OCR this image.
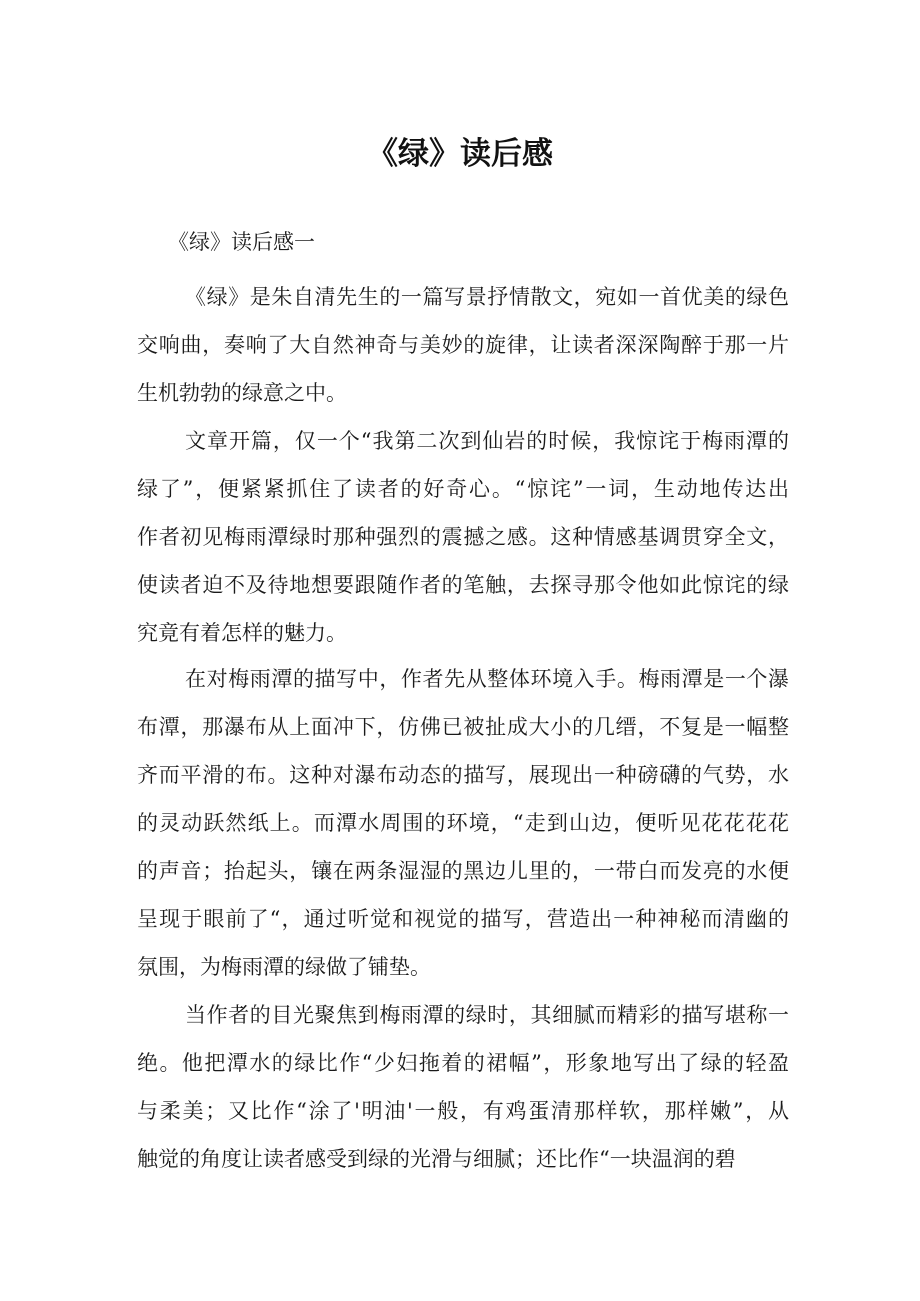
《绿》读后感

《绿》读后感一

《绿》是朱自清先生的一篇写景抒情散文，宛如一首优美的绿色
交响曲，奏响了大自然神奇与美妙的旋律，让读者深深陶醉于那一片
生机勃勃的绿意之中。

文章开篇，仅一个“我第二次到仙岩的时候，我惊诧于梅雨潭的
绿了”，便紧紧抓住了读者的好奇心。“惊诧”一词，生动地传达出
作者初见梅雨潭绿时那种强烈的震撼之感。这种情感基调贯穿全文，
使读者迫不及待地想要跟随作者的笔触，去探寻那令他如此惊诧的绿
究竟有着怎样的魅力。

在对梅雨潭的描写中，作者先从整体环境入手。梅雨潭是一个瀑
布潭，那瀑布从上面冲下，仿佛已被扯成大小的几缙，不复是一幅整
齐而平滑的布。这种对瀑布动态的描写，展现出一种磅礴的气势，水
的灵动跃然纸上。而潭水周围的环境，“走到山边，便听见花花花花
的声音；抬起头，镶在两条湿湿的黑边儿里的，一带白而发亮的水便
呈现于眼前了“，通过听觉和视觉的描写，营造出一种神秘而清幽的
氛围，为梅雨潭的绿做了铺垫。

当作者的目光聚焦到梅雨潭的绿时，其细腻而精彩的描写堪称一
绝。他把潭水的绿比作“少妇拖着的裙幅”，形象地写出了绿的轻盈
与柔美；又比作“涂了'明油'一般，有鸡蛋清那样软，那样嫩”，从
触觉的角度让读者感受到绿的光滑与细腻；还比作“一块温润的碧
